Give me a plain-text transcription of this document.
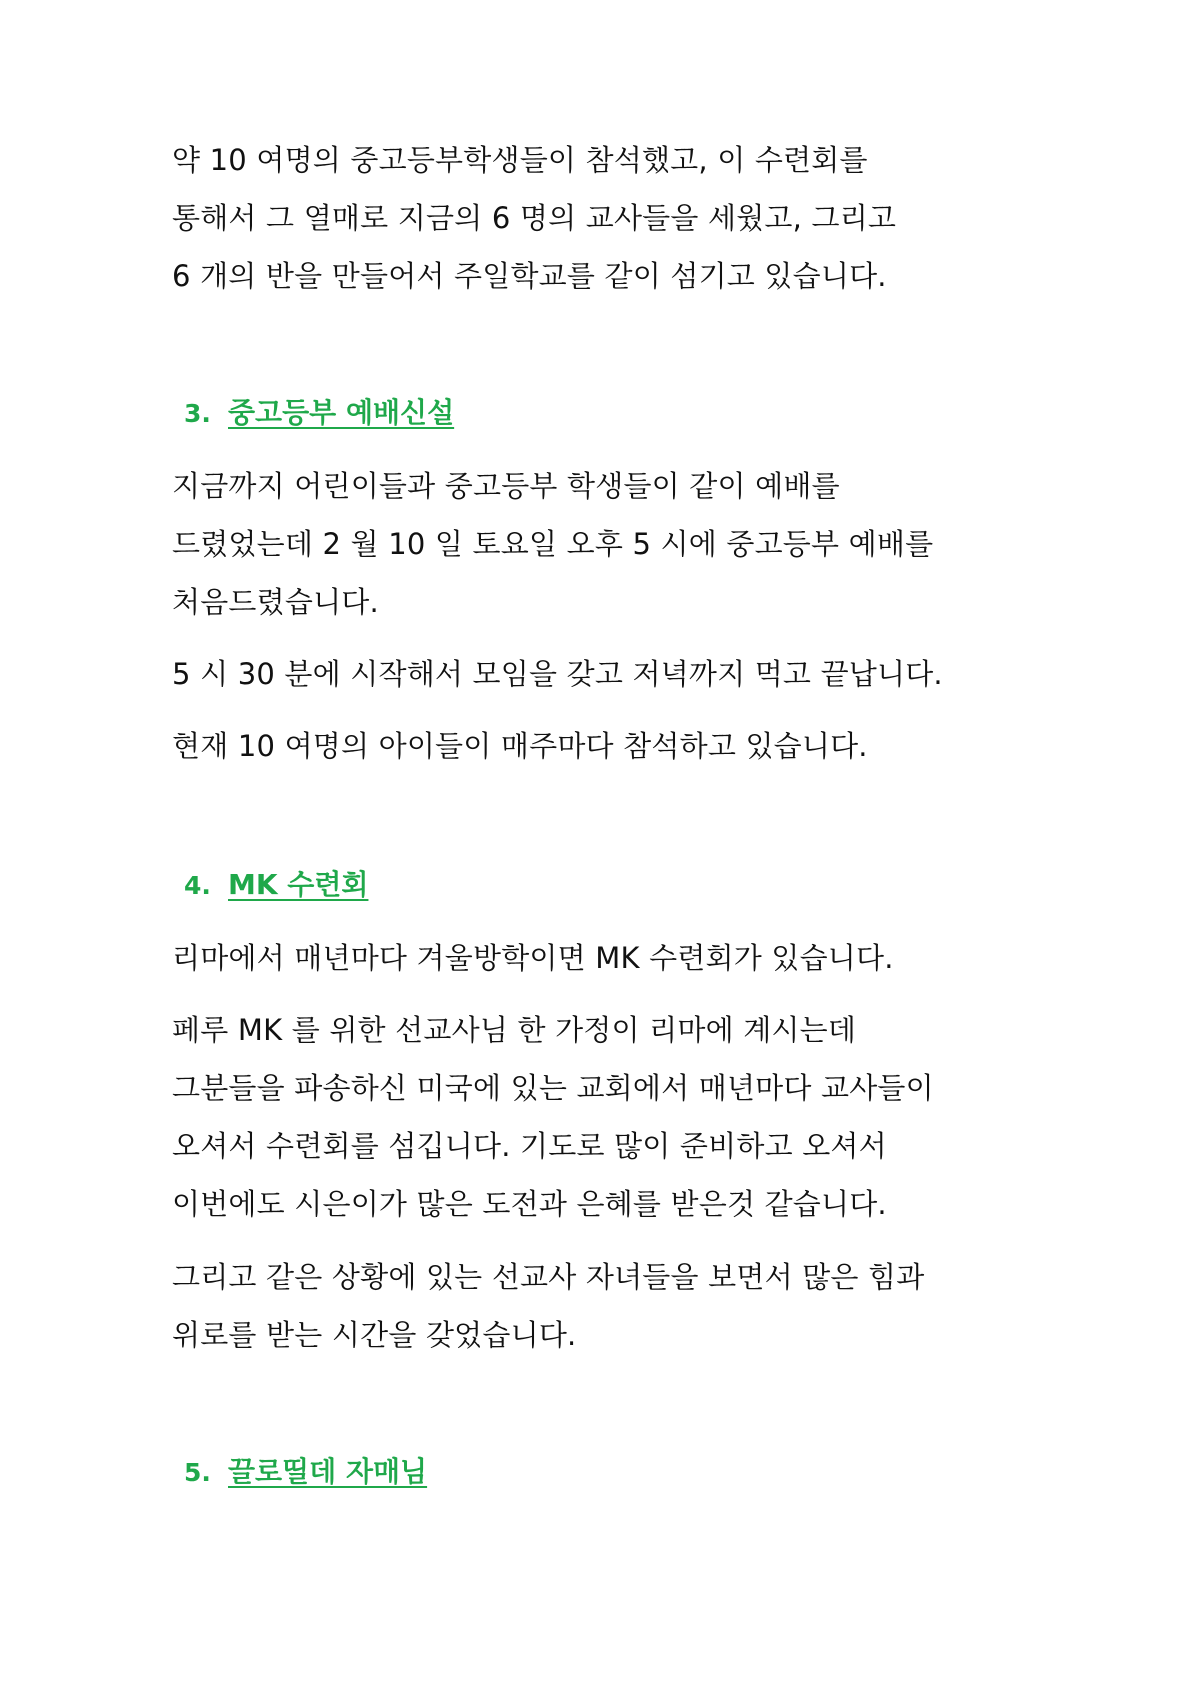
약 10 여명의 중고등부학생들이 참석했고, 이 수련회를
통해서 그 열매로 지금의 6 명의 교사들을 세웠고, 그리고
6 개의 반을 만들어서 주일학교를 같이 섬기고 있습니다.
3. 중고등부 예배신설
지금까지 어린이들과 중고등부 학생들이 같이 예배를
드렸었는데 2 월 10 일 토요일 오후 5 시에 중고등부 예배를
처음드렸습니다.
5 시 30 분에 시작해서 모임을 갖고 저녁까지 먹고 끝납니다.
현재 10 여명의 아이들이 매주마다 참석하고 있습니다.
4. MK 수련회
리마에서 매년마다 겨울방학이면 MK 수련회가 있습니다.
페루 MK 를 위한 선교사님 한 가정이 리마에 계시는데
그분들을 파송하신 미국에 있는 교회에서 매년마다 교사들이
오셔서 수련회를 섬깁니다. 기도로 많이 준비하고 오셔서
이번에도 시은이가 많은 도전과 은혜를 받은것 같습니다.
그리고 같은 상황에 있는 선교사 자녀들을 보면서 많은 힘과
위로를 받는 시간을 갖었습니다.
5. 끌로띨데 자매님
